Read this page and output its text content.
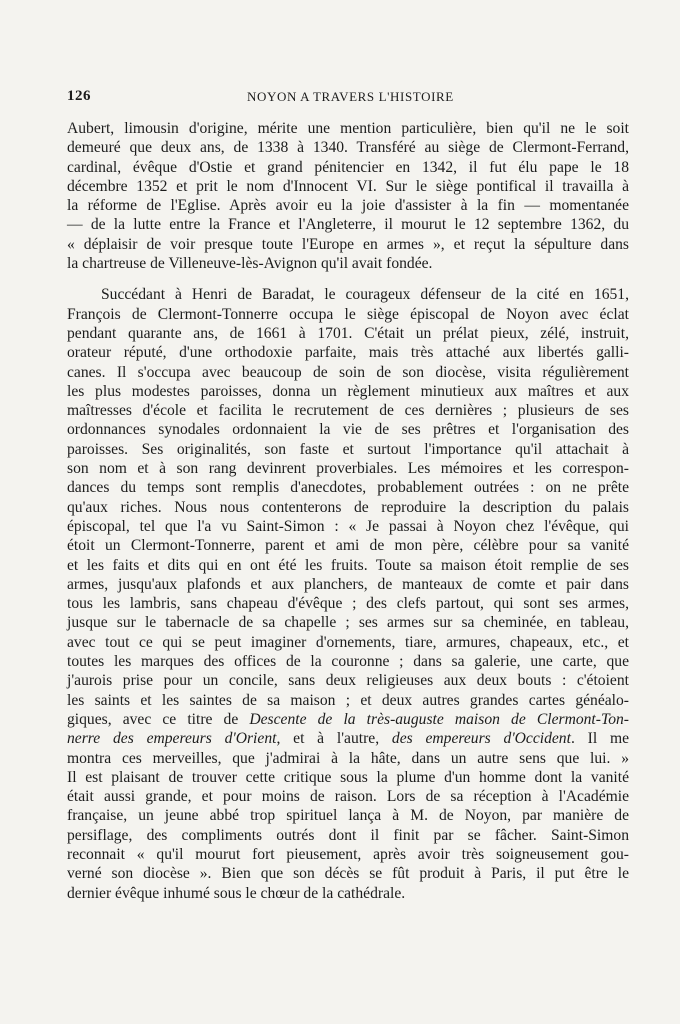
126	NOYON A TRAVERS L'HISTOIRE

Aubert, limousin d'origine, mérite une mention particulière, bien qu'il ne le soit
demeuré que deux ans, de 1338 à 1340. Transféré au siège de Clermont-Ferrand,
cardinal, évêque d'Ostie et grand pénitencier en 1342, il fut élu pape le 18
décembre 1352 et prit le nom d'Innocent VI. Sur le siège pontifical il travailla à
la réforme de l'Eglise. Après avoir eu la joie d'assister à la fin — momentanée
— de la lutte entre la France et l'Angleterre, il mourut le 12 septembre 1362, du
« déplaisir de voir presque toute l'Europe en armes », et reçut la sépulture dans
la chartreuse de Villeneuve-lès-Avignon qu'il avait fondée.

Succédant à Henri de Baradat, le courageux défenseur de la cité en 1651,
François de Clermont-Tonnerre occupa le siège épiscopal de Noyon avec éclat
pendant quarante ans, de 1661 à 1701. C'était un prélat pieux, zélé, instruit,
orateur réputé, d'une orthodoxie parfaite, mais très attaché aux libertés galli-
canes. Il s'occupa avec beaucoup de soin de son diocèse, visita régulièrement
les plus modestes paroisses, donna un règlement minutieux aux maîtres et aux
maîtresses d'école et facilita le recrutement de ces dernières ; plusieurs de ses
ordonnances synodales ordonnaient la vie de ses prêtres et l'organisation des
paroisses. Ses originalités, son faste et surtout l'importance qu'il attachait à
son nom et à son rang devinrent proverbiales. Les mémoires et les correspon-
dances du temps sont remplis d'anecdotes, probablement outrées : on ne prête
qu'aux riches. Nous nous contenterons de reproduire la description du palais
épiscopal, tel que l'a vu Saint-Simon : « Je passai à Noyon chez l'évêque, qui
étoit un Clermont-Tonnerre, parent et ami de mon père, célèbre pour sa vanité
et les faits et dits qui en ont été les fruits. Toute sa maison étoit remplie de ses
armes, jusqu'aux plafonds et aux planchers, de manteaux de comte et pair dans
tous les lambris, sans chapeau d'évêque ; des clefs partout, qui sont ses armes,
jusque sur le tabernacle de sa chapelle ; ses armes sur sa cheminée, en tableau,
avec tout ce qui se peut imaginer d'ornements, tiare, armures, chapeaux, etc., et
toutes les marques des offices de la couronne ; dans sa galerie, une carte, que
j'aurois prise pour un concile, sans deux religieuses aux deux bouts : c'étoient
les saints et les saintes de sa maison ; et deux autres grandes cartes généalo-
giques, avec ce titre de Descente de la très-auguste maison de Clermont-Ton-
nerre des empereurs d'Orient, et à l'autre, des empereurs d'Occident. Il me
montra ces merveilles, que j'admirai à la hâte, dans un autre sens que lui. »
Il est plaisant de trouver cette critique sous la plume d'un homme dont la vanité
était aussi grande, et pour moins de raison. Lors de sa réception à l'Académie
française, un jeune abbé trop spirituel lança à M. de Noyon, par manière de
persiflage, des compliments outrés dont il finit par se fâcher. Saint-Simon
reconnait « qu'il mourut fort pieusement, après avoir très soigneusement gou-
verné son diocèse ». Bien que son décès se fût produit à Paris, il put être le
dernier évêque inhumé sous le chœur de la cathédrale.
